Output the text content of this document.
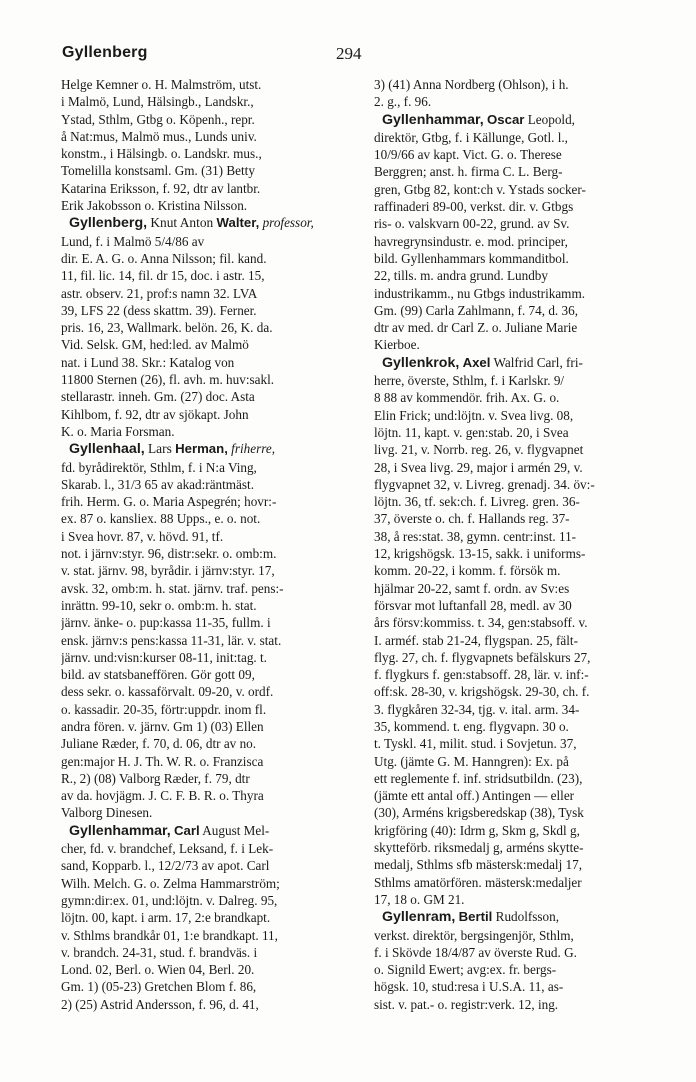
Gyllenberg	294
Helge Kemner o. H. Malmström, utst.
i Malmö, Lund, Hälsingb., Landskr.,
Ystad, Sthlm, Gtbg o. Köpenh., repr.
å Nat:mus, Malmö mus., Lunds univ.
konstm., i Hälsingb. o. Landskr. mus.,
Tomelilla konstsaml. Gm. (31) Betty
Katarina Eriksson, f. 92, dtr av lantbr.
Erik Jakobsson o. Kristina Nilsson.
Gyllenberg, Knut Anton Walter, professor,
Lund, f. i Malmö 5/4/86 av
dir. E. A. G. o. Anna Nilsson; fil. kand.
11, fil. lic. 14, fil. dr 15, doc. i astr. 15,
astr. observ. 21, prof:s namn 32. LVA
39, LFS 22 (dess skattm. 39). Ferner.
pris. 16, 23, Wallmark. belön. 26, K. da.
Vid. Selsk. GM, hed:led. av Malmö
nat. i Lund 38. Skr.: Katalog von
11800 Sternen (26), fl. avh. m. huv:sakl.
stellarastr. inneh. Gm. (27) doc. Asta
Kihlbom, f. 92, dtr av sjökapt. John
K. o. Maria Forsman.
Gyllenhaal, Lars Herman, friherre,
fd. byrådirektör, Sthlm, f. i N:a Ving,
Skarab. l., 31/3 65 av akad:räntmäst.
frih. Herm. G. o. Maria Aspegrén; hovr:-
ex. 87 o. kansliex. 88 Upps., e. o. not.
i Svea hovr. 87, v. hövd. 91, tf.
not. i järnv:styr. 96, distr:sekr. o. omb:m.
v. stat. järnv. 98, byrådir. i järnv:styr. 17,
avsk. 32, omb:m. h. stat. järnv. traf. pens:-
inrättn. 99-10, sekr o. omb:m. h. stat.
järnv. änke- o. pup:kassa 11-35, fullm. i
ensk. järnv:s pens:kassa 11-31, lär. v. stat.
järnv. und:visn:kurser 08-11, init:tag. t.
bild. av statsbaneffören. Gör gott 09,
dess sekr. o. kassaförvalt. 09-20, v. ordf.
o. kassadir. 20-35, förtr:uppdr. inom fl.
andra fören. v. järnv. Gm 1) (03) Ellen
Juliane Ræder, f. 70, d. 06, dtr av no.
gen:major H. J. Th. W. R. o. Franzisca
R., 2) (08) Valborg Ræder, f. 79, dtr
av da. hovjägm. J. C. F. B. R. o. Thyra
Valborg Dinesen.
Gyllenhammar, Carl August Mel-
cher, fd. v. brandchef, Leksand, f. i Lek-
sand, Kopparb. l., 12/2/73 av apot. Carl
Wilh. Melch. G. o. Zelma Hammarström;
gymn:dir:ex. 01, und:löjtn. v. Dalreg. 95,
löjtn. 00, kapt. i arm. 17, 2:e brandkapt.
v. Sthlms brandkår 01, 1:e brandkapt. 11,
v. brandch. 24-31, stud. f. brandväs. i
Lond. 02, Berl. o. Wien 04, Berl. 20.
Gm. 1) (05-23) Gretchen Blom f. 86,
2) (25) Astrid Andersson, f. 96, d. 41,
3) (41) Anna Nordberg (Ohlson), i h.
2. g., f. 96.
Gyllenhammar, Oscar Leopold,
direktör, Gtbg, f. i Källunge, Gotl. l.,
10/9/66 av kapt. Vict. G. o. Therese
Berggren; anst. h. firma C. L. Berg-
gren, Gtbg 82, kont:ch v. Ystads socker-
raffinaderi 89-00, verkst. dir. v. Gtbgs
ris- o. valskvarn 00-22, grund. av Sv.
havregrynsindustr. e. mod. principer,
bild. Gyllenhammars kommanditbol.
22, tills. m. andra grund. Lundby
industrikamm., nu Gtbgs industrikamm.
Gm. (99) Carla Zahlmann, f. 74, d. 36,
dtr av med. dr Carl Z. o. Juliane Marie
Kierboe.
Gyllenkrok, Axel Walfrid Carl, fri-
herre, överste, Sthlm, f. i Karlskr. 9/
8 88 av kommendör. frih. Ax. G. o.
Elin Frick; und:löjtn. v. Svea livg. 08,
löjtn. 11, kapt. v. gen:stab. 20, i Svea
livg. 21, v. Norrb. reg. 26, v. flygvapnet
28, i Svea livg. 29, major i armén 29, v.
flygvapnet 32, v. Livreg. grenadj. 34. öv:-
löjtn. 36, tf. sek:ch. f. Livreg. gren. 36-
37, överste o. ch. f. Hallands reg. 37-
38, å res:stat. 38, gymn. centr:inst. 11-
12, krigshögsk. 13-15, sakk. i uniforms-
komm. 20-22, i komm. f. försök m.
hjälmar 20-22, samt f. ordn. av Sv:es
försvar mot luftanfall 28, medl. av 30
års försv:kommiss. t. 34, gen:stabsoff. v.
I. arméf. stab 21-24, flygspan. 25, fält-
flyg. 27, ch. f. flygvapnets befälskurs 27,
f. flygkurs f. gen:stabsoff. 28, lär. v. inf:-
off:sk. 28-30, v. krigshögsk. 29-30, ch. f.
3. flygkåren 32-34, tjg. v. ital. arm. 34-
35, kommend. t. eng. flygvapn. 30 o.
t. Tyskl. 41, milit. stud. i Sovjetun. 37,
Utg. (jämte G. M. Hanngren): Ex. på
ett reglemente f. inf. stridsutbildn. (23),
(jämte ett antal off.) Antingen — eller
(30), Arméns krigsberedskap (38), Tysk
krigföring (40): Idrm g, Skm g, Skdl g,
skytteförb. riksmedalj g, arméns skytte-
medalj, Sthlms sfb mästersk:medalj 17,
Sthlms amatörfören. mästersk:medaljer
17, 18 o. GM 21.
Gyllenram, Bertil Rudolfsson,
verkst. direktör, bergsingenjör, Sthlm,
f. i Skövde 18/4/87 av överste Rud. G.
o. Signild Ewert; avg:ex. fr. bergs-
högsk. 10, stud:resa i U.S.A. 11, as-
sist. v. pat.- o. registr:verk. 12, ing.
